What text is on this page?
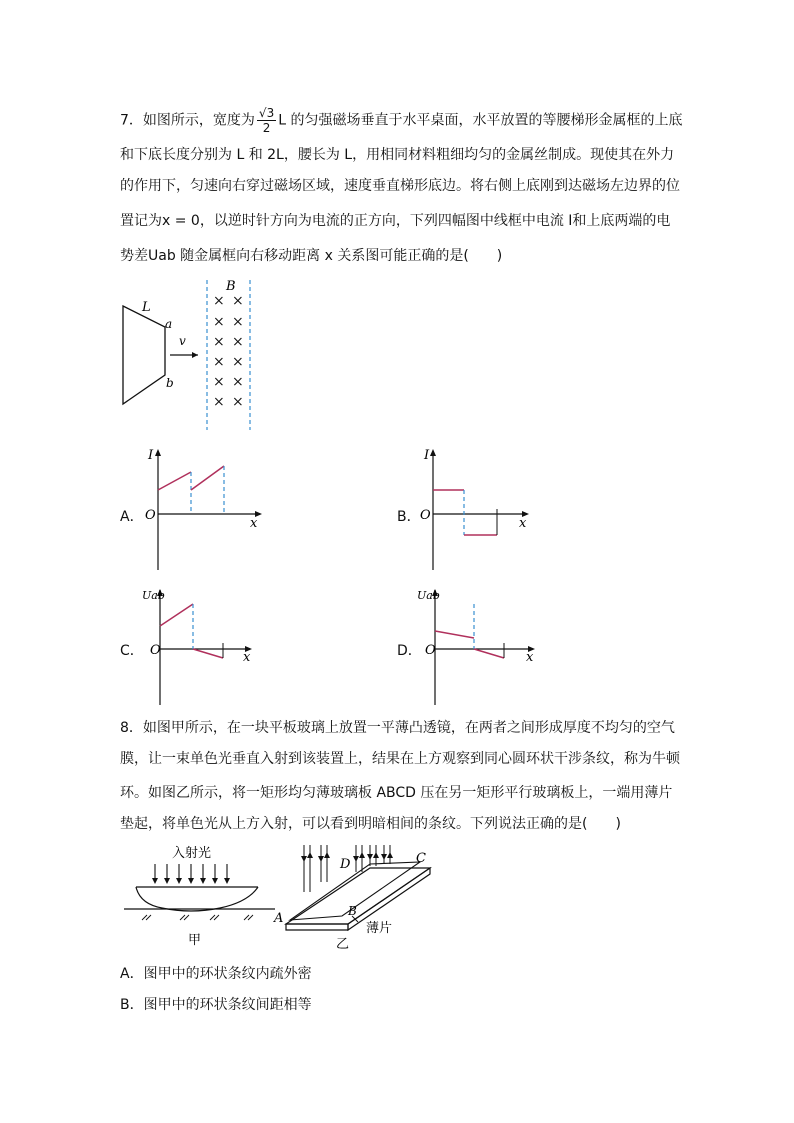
7．如图所示，宽度为 $\frac{√3}{2}$ L 的匀强磁场垂直于水平桌面，水平放置的等腰梯形金属框的上底
和下底长度分别为 L 和 2L，腰长为 L，用相同材料粗细均匀的金属丝制成。现使其在外力
的作用下，匀速向右穿过磁场区域，速度垂直梯形底边。将右侧上底刚到达磁场左边界的位
置记为x = 0，以逆时针方向为电流的正方向，下列四幅图中线框中电流 I和上底两端的电
势差Uab 随金属框向右移动距离 x 关系图可能正确的是(　　)
L
a
b
v
B
× ×
× ×
× ×
× ×
× ×
× ×
A．
I
O
x	B．
I
O
x
C．
Uab
O	x	D．
Uab
O	x
8．如图甲所示，在一块平板玻璃上放置一平薄凸透镜，在两者之间形成厚度不均匀的空气
膜，让一束单色光垂直入射到该装置上，结果在上方观察到同心圆环状干涉条纹，称为牛顿
环。如图乙所示，将一矩形均匀薄玻璃板 ABCD 压在另一矩形平行玻璃板上，一端用薄片
垫起，将单色光从上方入射，可以看到明暗相间的条纹。下列说法正确的是(　　)
入射光
甲
A	B
C
D
薄片
乙
A．图甲中的环状条纹内疏外密
B．图甲中的环状条纹间距相等
